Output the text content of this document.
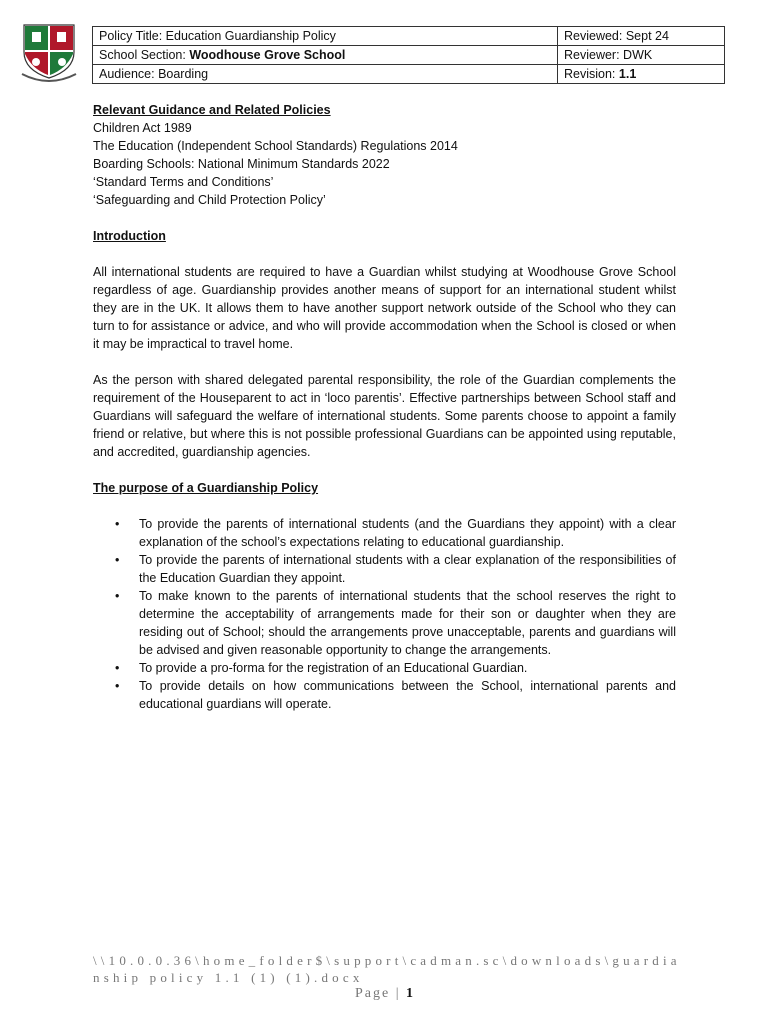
Policy Title: Education Guardianship Policy	Reviewed: Sept 24
School Section: Woodhouse Grove School	Reviewer: DWK
Audience: Boarding	Revision: 1.1
Relevant Guidance and Related Policies
Children Act 1989
The Education (Independent School Standards) Regulations 2014
Boarding Schools: National Minimum Standards 2022
‘Standard Terms and Conditions’
‘Safeguarding and Child Protection Policy’
Introduction
All international students are required to have a Guardian whilst studying at Woodhouse Grove School regardless of age. Guardianship provides another means of support for an international student whilst they are in the UK. It allows them to have another support network outside of the School who they can turn to for assistance or advice, and who will provide accommodation when the School is closed or when it may be impractical to travel home.
As the person with shared delegated parental responsibility, the role of the Guardian complements the requirement of the Houseparent to act in ‘loco parentis’. Effective partnerships between School staff and Guardians will safeguard the welfare of international students. Some parents choose to appoint a family friend or relative, but where this is not possible professional Guardians can be appointed using reputable, and accredited, guardianship agencies.
The purpose of a Guardianship Policy
• To provide the parents of international students (and the Guardians they appoint) with a clear explanation of the school’s expectations relating to educational guardianship.
• To provide the parents of international students with a clear explanation of the responsibilities of the Education Guardian they appoint.
• To make known to the parents of international students that the school reserves the right to determine the acceptability of arrangements made for their son or daughter when they are residing out of School; should the arrangements prove unacceptable, parents and guardians will be advised and given reasonable opportunity to change the arrangements.
• To provide a pro-forma for the registration of an Educational Guardian.
• To provide details on how communications between the School, international parents and educational guardians will operate.
\\10.0.0.36\home_folder$\support\cadman.sc\downloads\guardianship policy 1.1 (1) (1).docx
Page | 1
